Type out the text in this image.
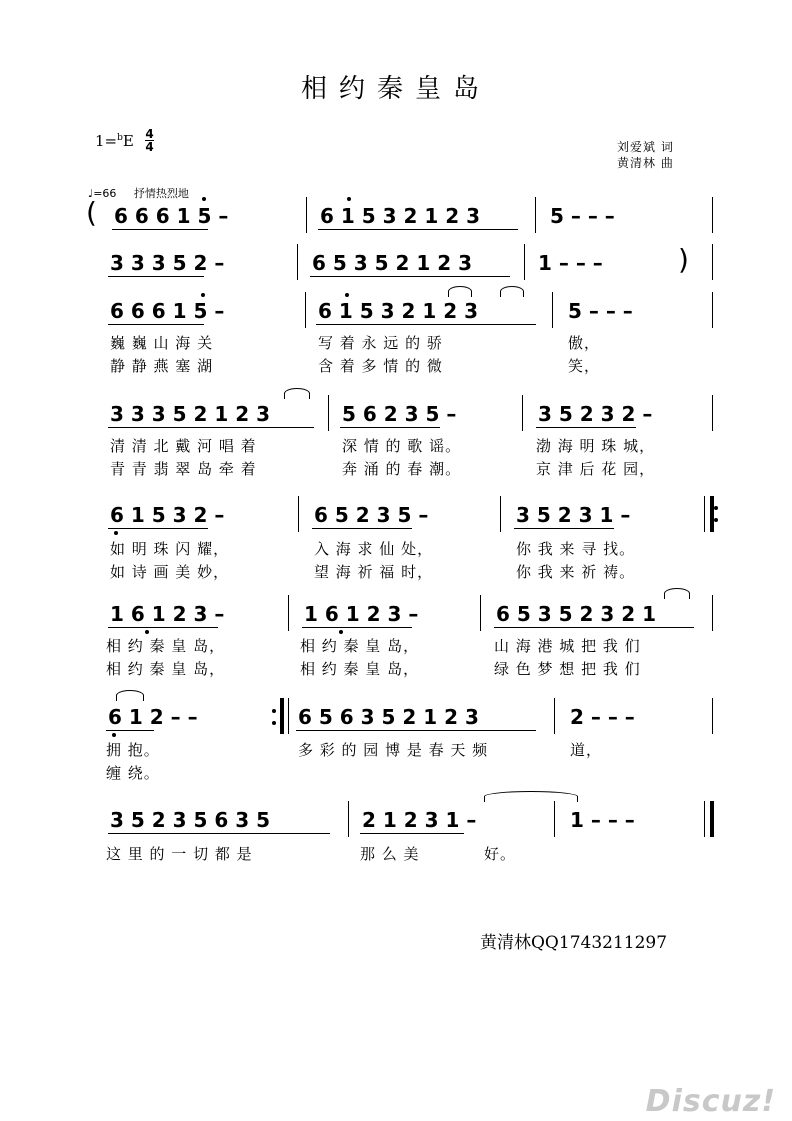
相约秦皇岛
1=$^b$E 4
4	刘爱斌 词
黄清林 曲
♩=66 抒情热烈地
( 6 6 6 1 5 –	6 1 5 3 2 1 2 3	5 – – –
3 3 3 5 2 –	6 5 3 5 2 1 2 3	1 – – –	)
6 6 6 1 5 –	6 1 5 3 2 1 2 3	5 – – –
巍 巍 山 海 关	写 着 永 远 的 骄	傲，
静 静 燕 塞 湖	含 着 多 情 的 微	笑，
3 3 3 5 2 1 2 3	5 6 2 3 5 –	3 5 2 3 2 –
清 清 北 戴 河 唱 着	深 情 的 歌 谣。	渤 海 明 珠 城，
青 青 翡 翠 岛 牵 着	奔 涌 的 春 潮。	京 津 后 花 园，
6 1 5 3 2 –	6 5 2 3 5 –	3 5 2 3 1 –
如 明 珠 闪 耀，	入 海 求 仙 处，	你 我 来 寻 找。
如 诗 画 美 妙，	望 海 祈 福 时，	你 我 来 祈 祷。
1 6 1 2 3 –	1 6 1 2 3 –	6 5 3 5 2 3 2 1
相 约 秦 皇 岛，	相 约 秦 皇 岛，	山 海 港 城 把 我 们
相 约 秦 皇 岛，	相 约 秦 皇 岛，	绿 色 梦 想 把 我 们
6 1 2 – –	6 5 6 3 5 2 1 2 3	2 – – –
拥 抱。	多 彩 的 园 博 是 春 天 频	道，
缠 绕。
3 5 2 3 5 6 3 5	2 1 2 3 1 –	1 – – –
这 里 的 一 切 都 是	那 么 美	好。
黄清林QQ1743211297
Discuz!
